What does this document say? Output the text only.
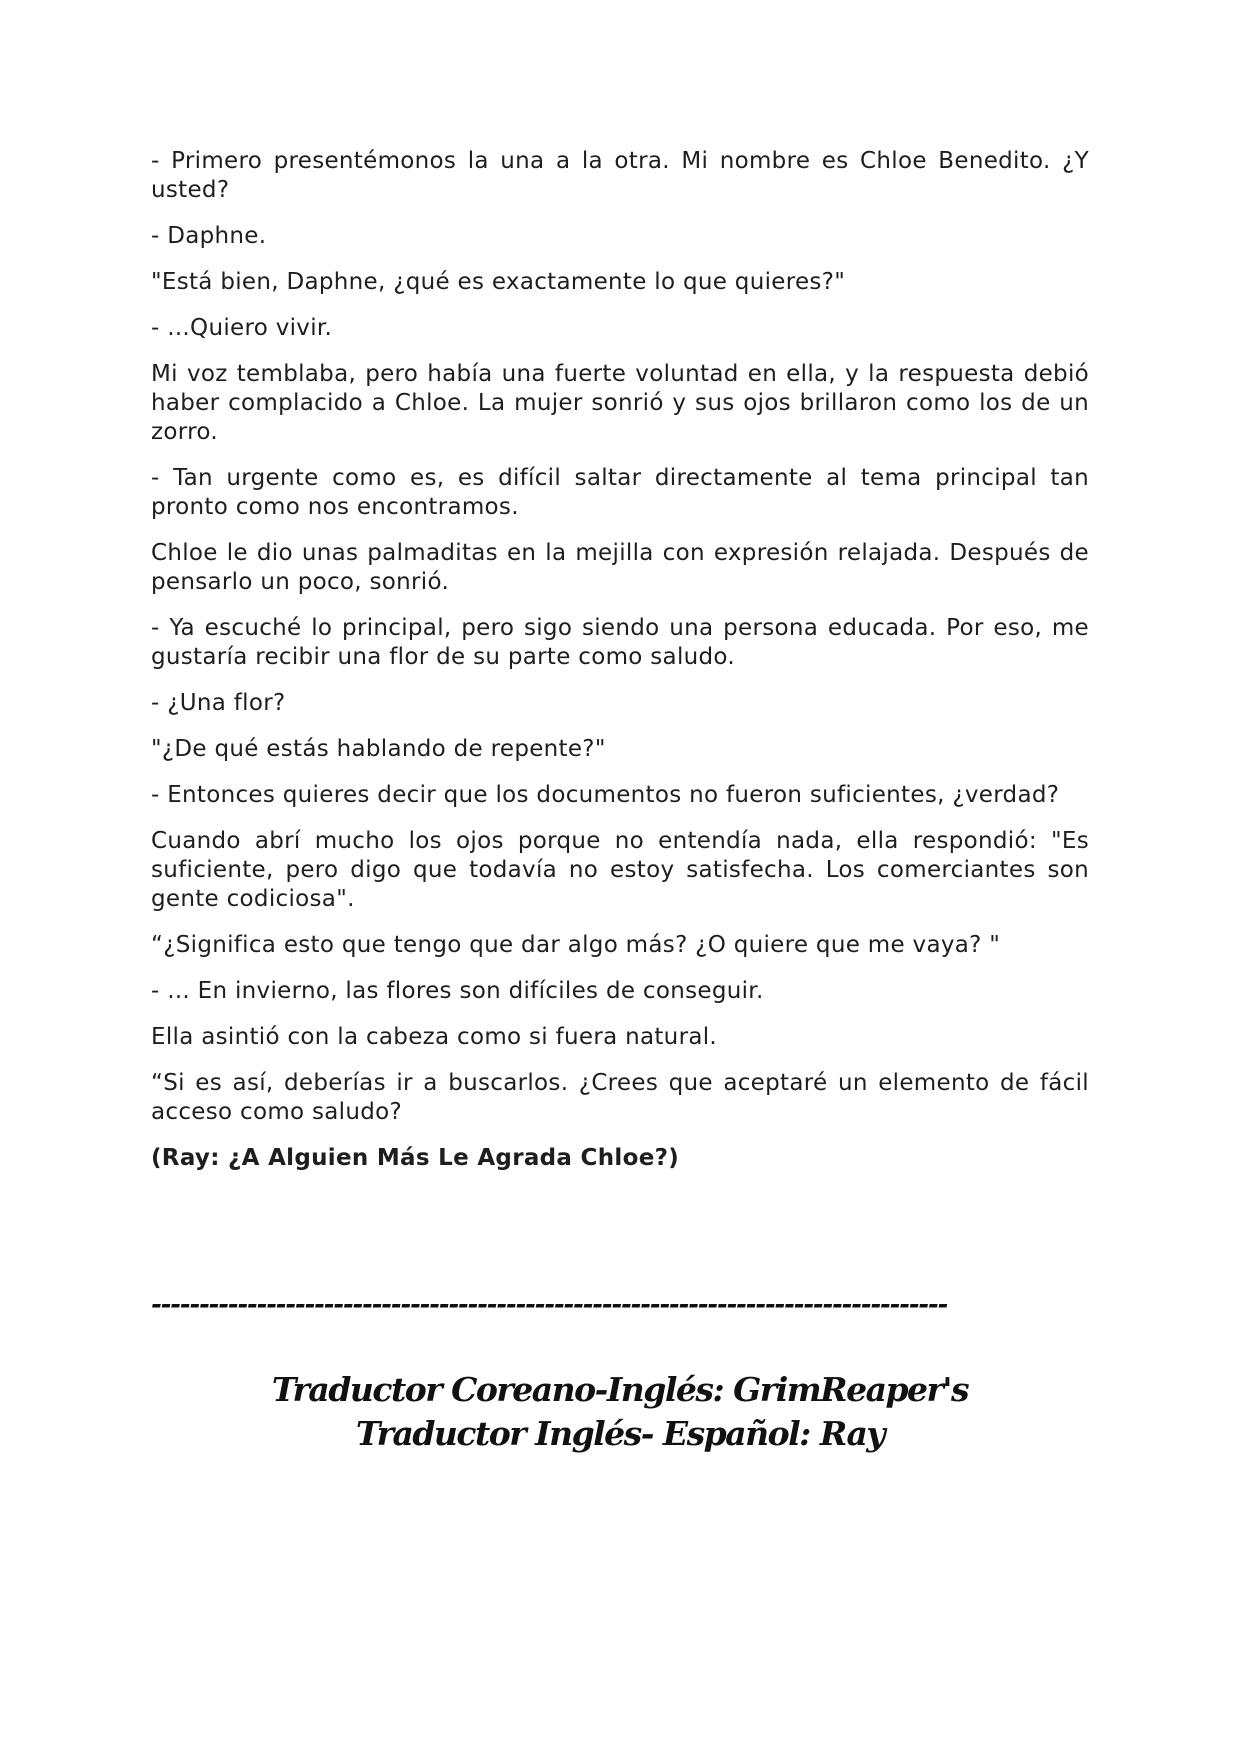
- Primero presentémonos la una a la otra. Mi nombre es Chloe Benedito. ¿Y usted?

- Daphne.

"Está bien, Daphne, ¿qué es exactamente lo que quieres?"

- ...Quiero vivir.

Mi voz temblaba, pero había una fuerte voluntad en ella, y la respuesta debió haber complacido a Chloe. La mujer sonrió y sus ojos brillaron como los de un zorro.

- Tan urgente como es, es difícil saltar directamente al tema principal tan pronto como nos encontramos.

Chloe le dio unas palmaditas en la mejilla con expresión relajada. Después de pensarlo un poco, sonrió.

- Ya escuché lo principal, pero sigo siendo una persona educada. Por eso, me gustaría recibir una flor de su parte como saludo.

- ¿Una flor?

"¿De qué estás hablando de repente?"

- Entonces quieres decir que los documentos no fueron suficientes, ¿verdad?

Cuando abrí mucho los ojos porque no entendía nada, ella respondió: "Es suficiente, pero digo que todavía no estoy satisfecha. Los comerciantes son gente codiciosa".

“¿Significa esto que tengo que dar algo más? ¿O quiere que me vaya? "

- ... En invierno, las flores son difíciles de conseguir.

Ella asintió con la cabeza como si fuera natural.

“Si es así, deberías ir a buscarlos. ¿Crees que aceptaré un elemento de fácil acceso como saludo?

(Ray: ¿A Alguien Más Le Agrada Chloe?)

-----------------------------------------------------------------------------------
Traductor Coreano-Inglés: GrimReaper's
Traductor Inglés- Español: Ray
